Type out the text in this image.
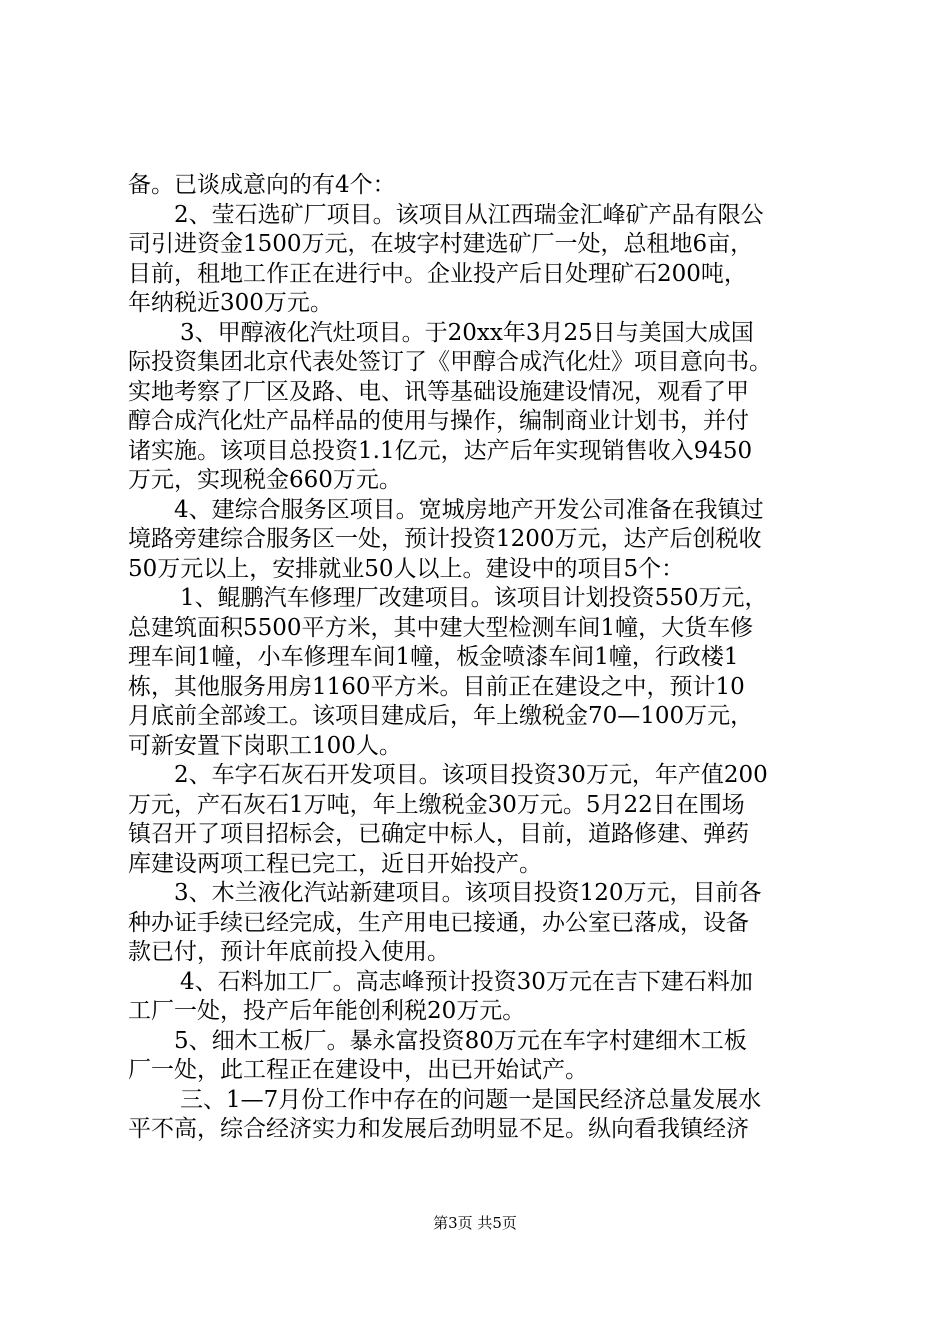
备。已谈成意向的有4个：
2、莹石选矿厂项目。该项目从江西瑞金汇峰矿产品有限公
司引进资金1500万元，在坡字村建选矿厂一处，总租地6亩，
目前，租地工作正在进行中。企业投产后日处理矿石200吨，
年纳税近300万元。
3、甲醇液化汽灶项目。于20xx年3月25日与美国大成国
际投资集团北京代表处签订了《甲醇合成汽化灶》项目意向书。
实地考察了厂区及路、电、讯等基础设施建设情况，观看了甲
醇合成汽化灶产品样品的使用与操作，编制商业计划书，并付
诸实施。该项目总投资1.1亿元，达产后年实现销售收入9450
万元，实现税金660万元。
4、建综合服务区项目。宽城房地产开发公司准备在我镇过
境路旁建综合服务区一处，预计投资1200万元，达产后创税收
50万元以上，安排就业50人以上。建设中的项目5个：
1、鲲鹏汽车修理厂改建项目。该项目计划投资550万元，
总建筑面积5500平方米，其中建大型检测车间1幢，大货车修
理车间1幢，小车修理车间1幢，板金喷漆车间1幢，行政楼1
栋，其他服务用房1160平方米。目前正在建设之中，预计10
月底前全部竣工。该项目建成后，年上缴税金70—100万元，
可新安置下岗职工100人。
2、车字石灰石开发项目。该项目投资30万元，年产值200
万元，产石灰石1万吨，年上缴税金30万元。5月22日在围场
镇召开了项目招标会，已确定中标人，目前，道路修建、弹药
库建设两项工程已完工，近日开始投产。
3、木兰液化汽站新建项目。该项目投资120万元，目前各
种办证手续已经完成，生产用电已接通，办公室已落成，设备
款已付，预计年底前投入使用。
4、石料加工厂。高志峰预计投资30万元在吉下建石料加
工厂一处，投产后年能创利税20万元。
5、细木工板厂。暴永富投资80万元在车字村建细木工板
厂一处，此工程正在建设中，出已开始试产。
三、1—7月份工作中存在的问题一是国民经济总量发展水
平不高，综合经济实力和发展后劲明显不足。纵向看我镇经济
第3页 共5页
